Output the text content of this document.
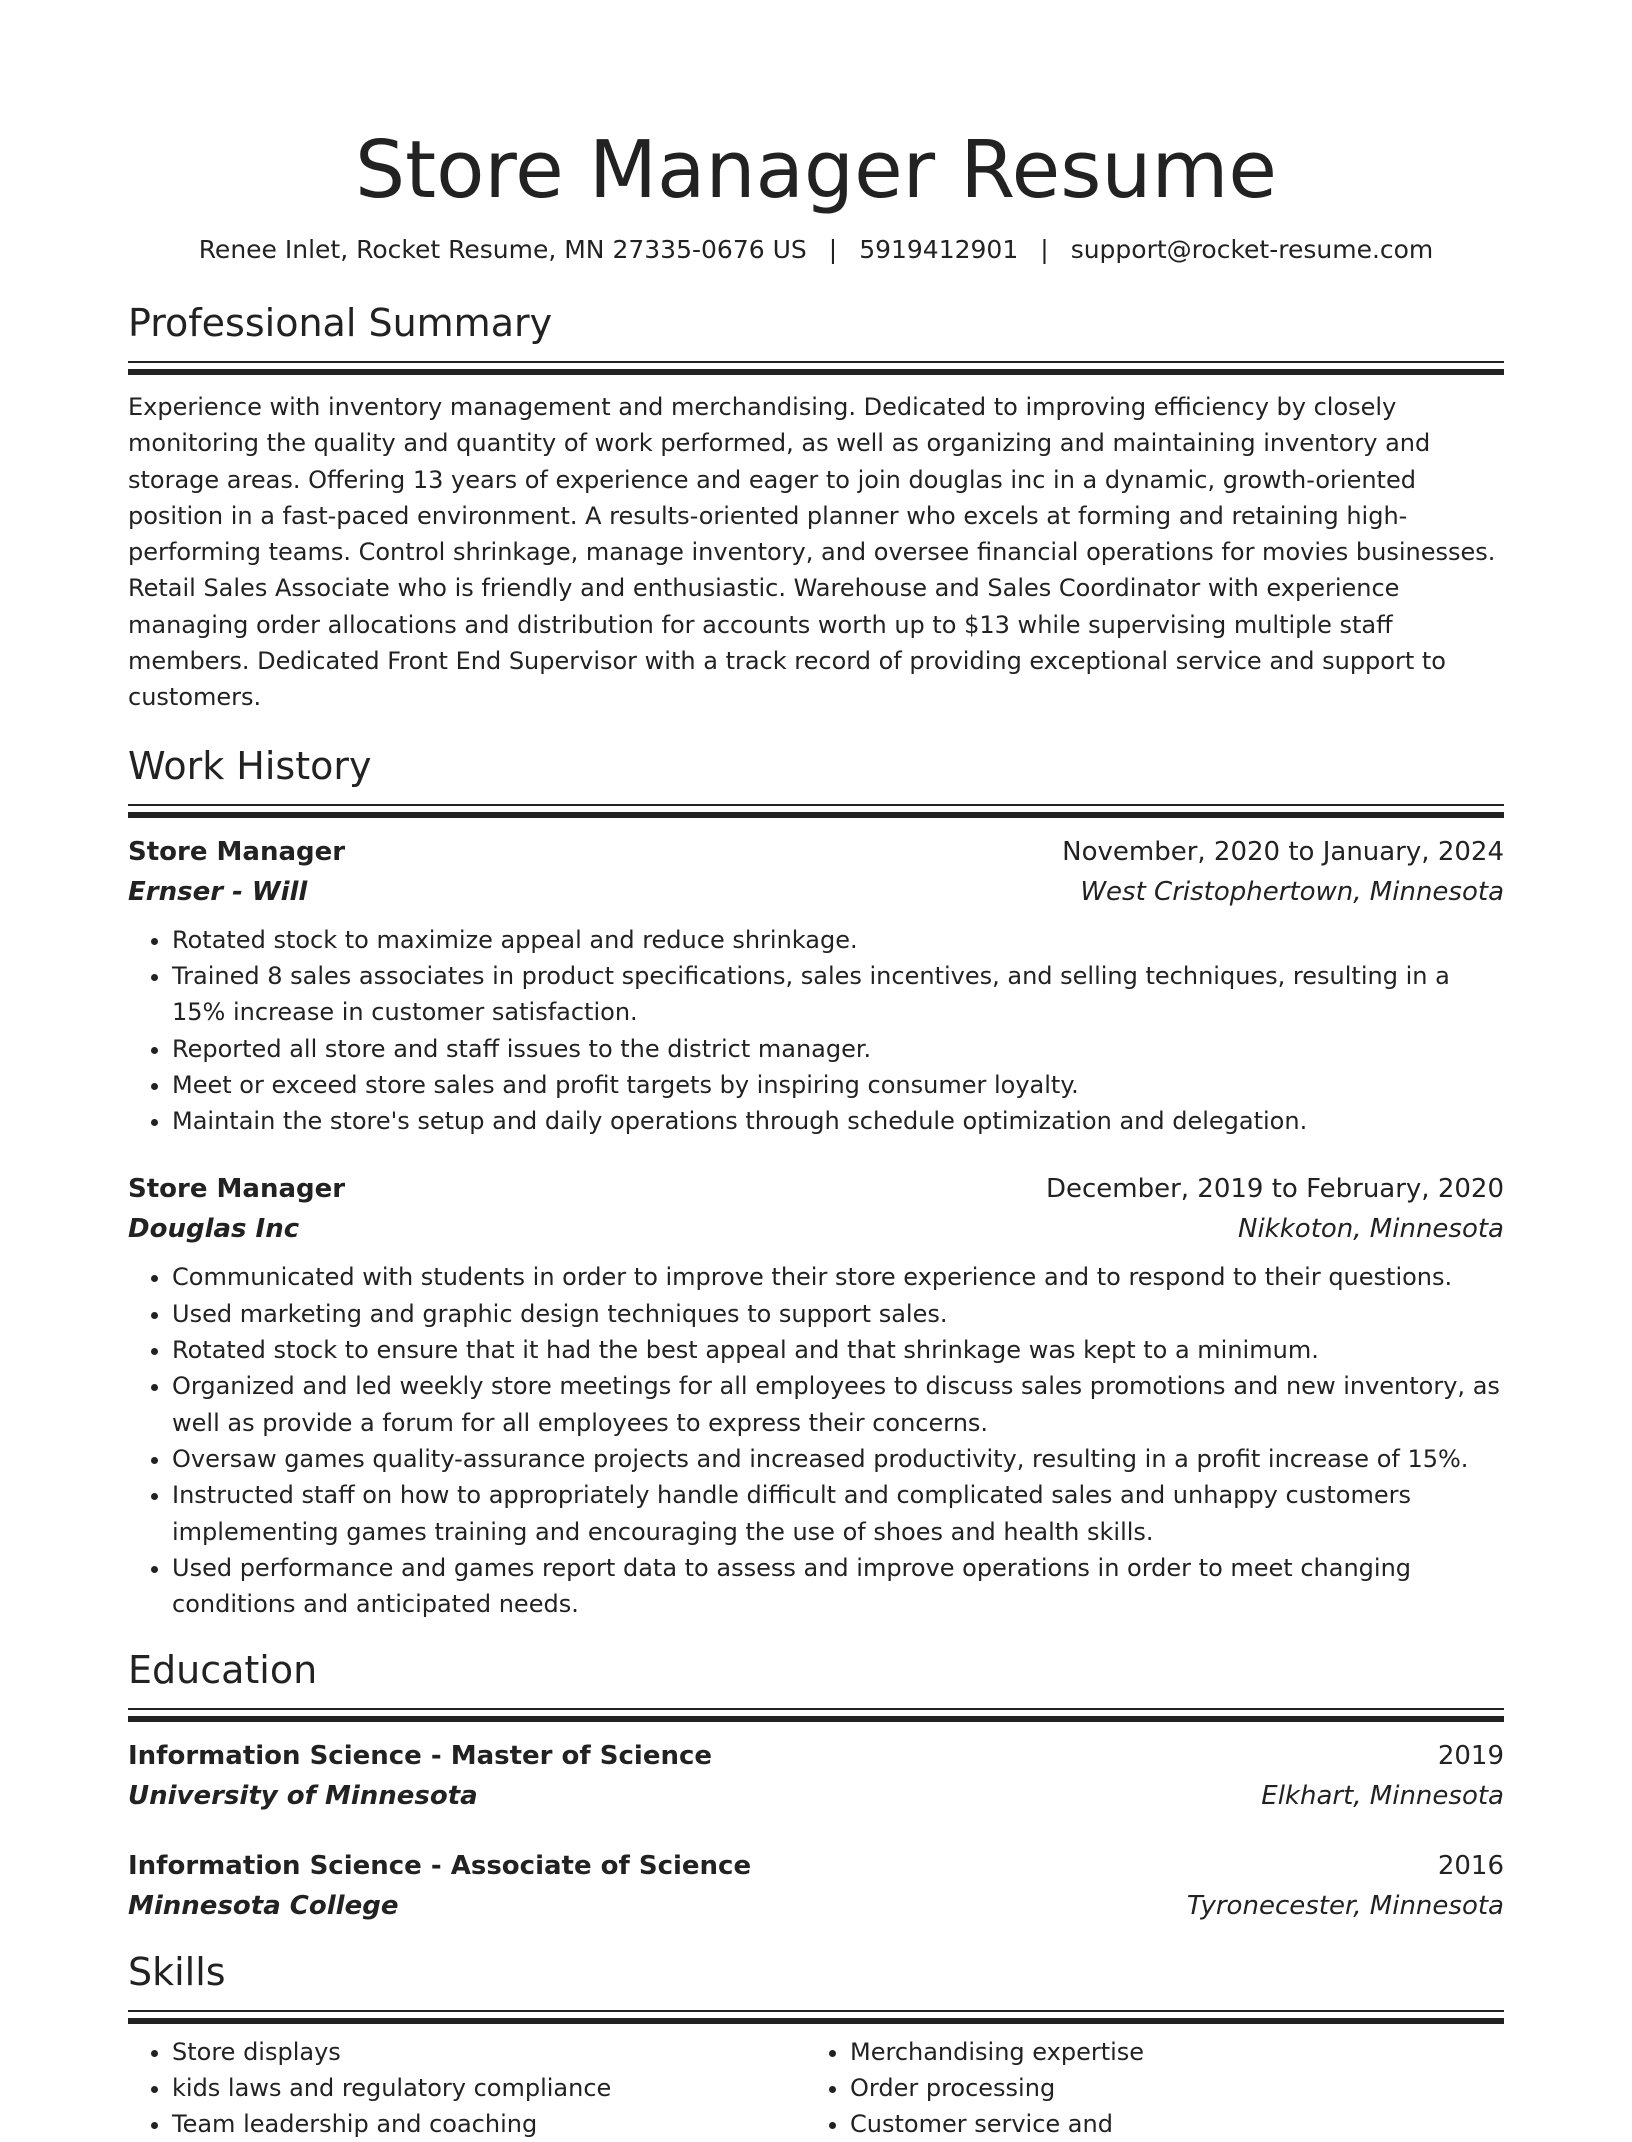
Store Manager Resume
Renee Inlet, Rocket Resume, MN 27335-0676 US | 5919412901 | support@rocket-resume.com
Professional Summary
Experience with inventory management and merchandising. Dedicated to improving efficiency by closely monitoring the quality and quantity of work performed, as well as organizing and maintaining inventory and storage areas. Offering 13 years of experience and eager to join douglas inc in a dynamic, growth-oriented position in a fast-paced environment. A results-oriented planner who excels at forming and retaining high-performing teams. Control shrinkage, manage inventory, and oversee financial operations for movies businesses. Retail Sales Associate who is friendly and enthusiastic. Warehouse and Sales Coordinator with experience managing order allocations and distribution for accounts worth up to $13 while supervising multiple staff members. Dedicated Front End Supervisor with a track record of providing exceptional service and support to customers.
Work History
Store Manager	November, 2020 to January, 2024
Ernser - Will	West Cristophertown, Minnesota
• Rotated stock to maximize appeal and reduce shrinkage.
• Trained 8 sales associates in product specifications, sales incentives, and selling techniques, resulting in a 15% increase in customer satisfaction.
• Reported all store and staff issues to the district manager.
• Meet or exceed store sales and profit targets by inspiring consumer loyalty.
• Maintain the store's setup and daily operations through schedule optimization and delegation.
Store Manager	December, 2019 to February, 2020
Douglas Inc	Nikkoton, Minnesota
• Communicated with students in order to improve their store experience and to respond to their questions.
• Used marketing and graphic design techniques to support sales.
• Rotated stock to ensure that it had the best appeal and that shrinkage was kept to a minimum.
• Organized and led weekly store meetings for all employees to discuss sales promotions and new inventory, as well as provide a forum for all employees to express their concerns.
• Oversaw games quality-assurance projects and increased productivity, resulting in a profit increase of 15%.
• Instructed staff on how to appropriately handle difficult and complicated sales and unhappy customers implementing games training and encouraging the use of shoes and health skills.
• Used performance and games report data to assess and improve operations in order to meet changing conditions and anticipated needs.
Education
Information Science - Master of Science	2019
University of Minnesota	Elkhart, Minnesota
Information Science - Associate of Science	2016
Minnesota College	Tyronecester, Minnesota
Skills
• Store displays
• kids laws and regulatory compliance
• Team leadership and coaching
• Merchandising expertise
• Order processing
• Customer service and
